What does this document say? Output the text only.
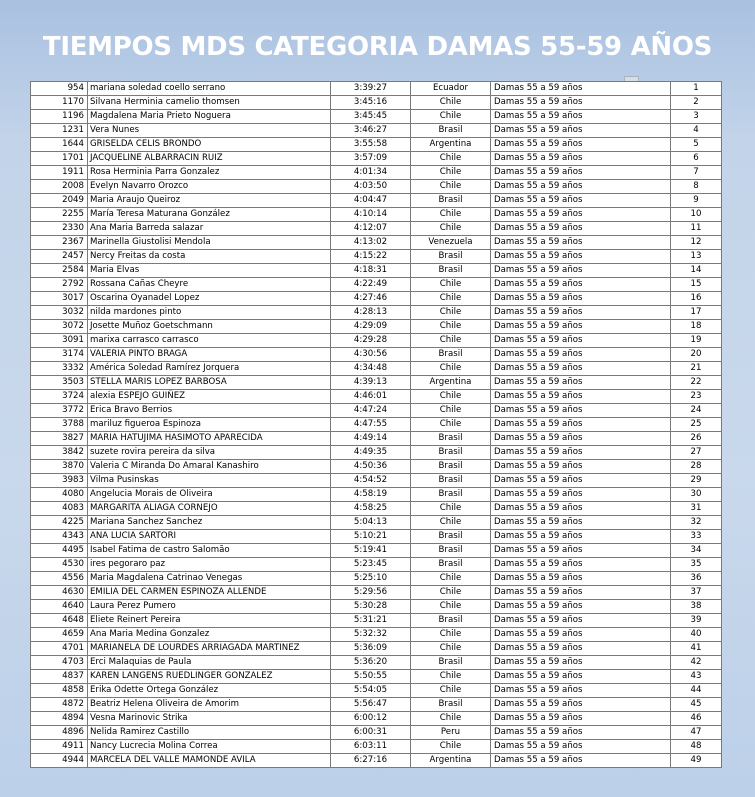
TIEMPOS MDS CATEGORIA DAMAS 55-59 AÑOS
954	mariana soledad coello serrano	3:39:27	Ecuador	Damas 55 a 59 años	1
1170	Silvana Herminia camelio thomsen	3:45:16	Chile	Damas 55 a 59 años	2
1196	Magdalena Maria Prieto Noguera	3:45:45	Chile	Damas 55 a 59 años	3
1231	Vera Nunes	3:46:27	Brasil	Damas 55 a 59 años	4
1644	GRISELDA CELIS BRONDO	3:55:58	Argentina	Damas 55 a 59 años	5
1701	JACQUELINE ALBARRACIN RUIZ	3:57:09	Chile	Damas 55 a 59 años	6
1911	Rosa Herminia Parra Gonzalez	4:01:34	Chile	Damas 55 a 59 años	7
2008	Evelyn Navarro Orozco	4:03:50	Chile	Damas 55 a 59 años	8
2049	Maria Araujo Queiroz	4:04:47	Brasil	Damas 55 a 59 años	9
2255	María Teresa Maturana González	4:10:14	Chile	Damas 55 a 59 años	10
2330	Ana Maria Barreda salazar	4:12:07	Chile	Damas 55 a 59 años	11
2367	Marinella Giustolisi Mendola	4:13:02	Venezuela	Damas 55 a 59 años	12
2457	Nercy Freitas da costa	4:15:22	Brasil	Damas 55 a 59 años	13
2584	Maria Elvas	4:18:31	Brasil	Damas 55 a 59 años	14
2792	Rossana Cañas Cheyre	4:22:49	Chile	Damas 55 a 59 años	15
3017	Oscarina Oyanadel Lopez	4:27:46	Chile	Damas 55 a 59 años	16
3032	nilda mardones pinto	4:28:13	Chile	Damas 55 a 59 años	17
3072	Josette Muñoz Goetschmann	4:29:09	Chile	Damas 55 a 59 años	18
3091	marixa carrasco carrasco	4:29:28	Chile	Damas 55 a 59 años	19
3174	VALERIA PINTO BRAGA	4:30:56	Brasil	Damas 55 a 59 años	20
3332	América Soledad Ramírez Jorquera	4:34:48	Chile	Damas 55 a 59 años	21
3503	STELLA MARIS LOPEZ BARBOSA	4:39:13	Argentina	Damas 55 a 59 años	22
3724	alexia ESPEJO GUIÑEZ	4:46:01	Chile	Damas 55 a 59 años	23
3772	Erica Bravo Berrios	4:47:24	Chile	Damas 55 a 59 años	24
3788	mariluz figueroa Espinoza	4:47:55	Chile	Damas 55 a 59 años	25
3827	MARIA HATUJIMA HASIMOTO APARECIDA	4:49:14	Brasil	Damas 55 a 59 años	26
3842	suzete rovira pereira da silva	4:49:35	Brasil	Damas 55 a 59 años	27
3870	Valeria C Miranda Do Amaral Kanashiro	4:50:36	Brasil	Damas 55 a 59 años	28
3983	Vilma Pusinskas	4:54:52	Brasil	Damas 55 a 59 años	29
4080	Angelucia Morais de Oliveira	4:58:19	Brasil	Damas 55 a 59 años	30
4083	MARGARITA ALIAGA CORNEJO	4:58:25	Chile	Damas 55 a 59 años	31
4225	Mariana Sanchez Sanchez	5:04:13	Chile	Damas 55 a 59 años	32
4343	ANA LUCIA SARTORI	5:10:21	Brasil	Damas 55 a 59 años	33
4495	Isabel Fatima de castro Salomão	5:19:41	Brasil	Damas 55 a 59 años	34
4530	ires pegoraro paz	5:23:45	Brasil	Damas 55 a 59 años	35
4556	Maria Magdalena Catrinao Venegas	5:25:10	Chile	Damas 55 a 59 años	36
4630	EMILIA DEL CARMEN ESPINOZA ALLENDE	5:29:56	Chile	Damas 55 a 59 años	37
4640	Laura Perez Pumero	5:30:28	Chile	Damas 55 a 59 años	38
4648	Eliete Reinert Pereira	5:31:21	Brasil	Damas 55 a 59 años	39
4659	Ana Maria Medina Gonzalez	5:32:32	Chile	Damas 55 a 59 años	40
4701	MARIANELA DE LOURDES ARRIAGADA MARTINEZ	5:36:09	Chile	Damas 55 a 59 años	41
4703	Erci Malaquias de Paula	5:36:20	Brasil	Damas 55 a 59 años	42
4837	KAREN LANGENS RUEDLINGER GONZALEZ	5:50:55	Chile	Damas 55 a 59 años	43
4858	Erika Odette Ortega González	5:54:05	Chile	Damas 55 a 59 años	44
4872	Beatriz Helena Oliveira de Amorim	5:56:47	Brasil	Damas 55 a 59 años	45
4894	Vesna Marinovic Strika	6:00:12	Chile	Damas 55 a 59 años	46
4896	Nelida Ramirez Castillo	6:00:31	Peru	Damas 55 a 59 años	47
4911	Nancy Lucrecia Molina Correa	6:03:11	Chile	Damas 55 a 59 años	48
4944	MARCELA DEL VALLE MAMONDE AVILA	6:27:16	Argentina	Damas 55 a 59 años	49
